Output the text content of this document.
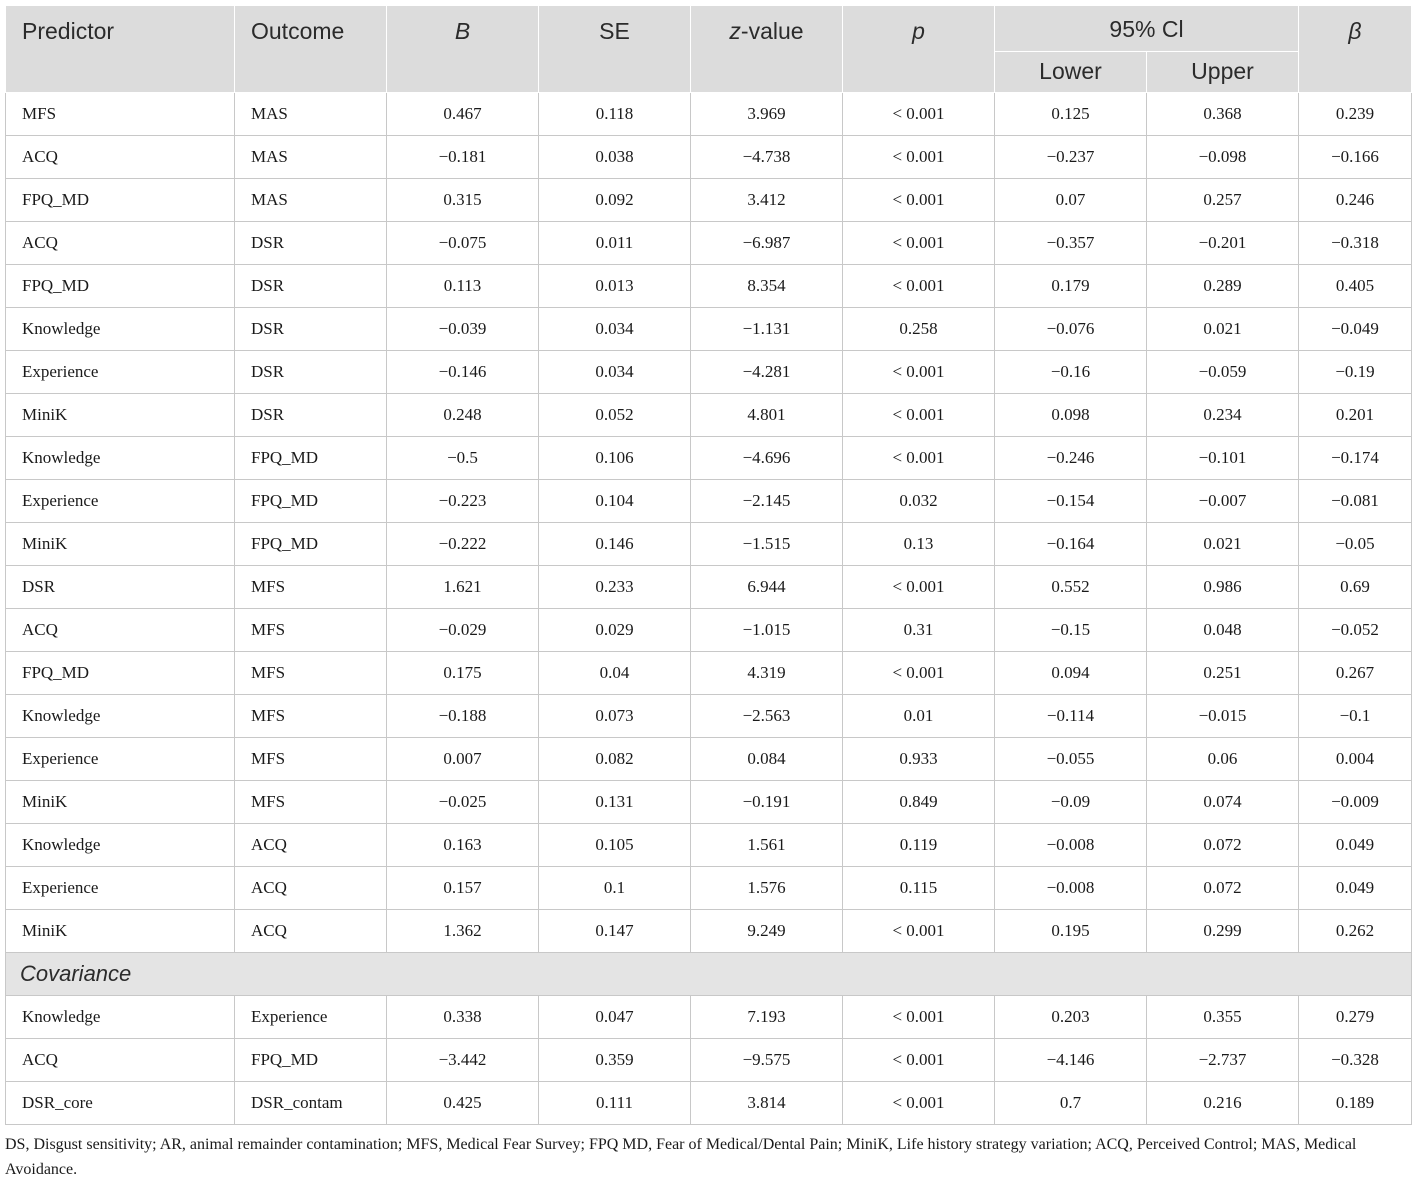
Predictor	Outcome	B	SE	z-value	p	95% Cl		β
						Lower	Upper	
MFS	MAS	0.467	0.118	3.969	< 0.001	0.125	0.368	0.239
ACQ	MAS	−0.181	0.038	−4.738	< 0.001	−0.237	−0.098	−0.166
FPQ_MD	MAS	0.315	0.092	3.412	< 0.001	0.07	0.257	0.246
ACQ	DSR	−0.075	0.011	−6.987	< 0.001	−0.357	−0.201	−0.318
FPQ_MD	DSR	0.113	0.013	8.354	< 0.001	0.179	0.289	0.405
Knowledge	DSR	−0.039	0.034	−1.131	0.258	−0.076	0.021	−0.049
Experience	DSR	−0.146	0.034	−4.281	< 0.001	−0.16	−0.059	−0.19
MiniK	DSR	0.248	0.052	4.801	< 0.001	0.098	0.234	0.201
Knowledge	FPQ_MD	−0.5	0.106	−4.696	< 0.001	−0.246	−0.101	−0.174
Experience	FPQ_MD	−0.223	0.104	−2.145	0.032	−0.154	−0.007	−0.081
MiniK	FPQ_MD	−0.222	0.146	−1.515	0.13	−0.164	0.021	−0.05
DSR	MFS	1.621	0.233	6.944	< 0.001	0.552	0.986	0.69
ACQ	MFS	−0.029	0.029	−1.015	0.31	−0.15	0.048	−0.052
FPQ_MD	MFS	0.175	0.04	4.319	< 0.001	0.094	0.251	0.267
Knowledge	MFS	−0.188	0.073	−2.563	0.01	−0.114	−0.015	−0.1
Experience	MFS	0.007	0.082	0.084	0.933	−0.055	0.06	0.004
MiniK	MFS	−0.025	0.131	−0.191	0.849	−0.09	0.074	−0.009
Knowledge	ACQ	0.163	0.105	1.561	0.119	−0.008	0.072	0.049
Experience	ACQ	0.157	0.1	1.576	0.115	−0.008	0.072	0.049
MiniK	ACQ	1.362	0.147	9.249	< 0.001	0.195	0.299	0.262
Covariance								
Knowledge	Experience	0.338	0.047	7.193	< 0.001	0.203	0.355	0.279
ACQ	FPQ_MD	−3.442	0.359	−9.575	< 0.001	−4.146	−2.737	−0.328
DSR_core	DSR_contam	0.425	0.111	3.814	< 0.001	0.7	0.216	0.189
DS, Disgust sensitivity; AR, animal remainder contamination; MFS, Medical Fear Survey; FPQ MD, Fear of Medical/Dental Pain; MiniK, Life history strategy variation; ACQ, Perceived Control; MAS, Medical Avoidance.
